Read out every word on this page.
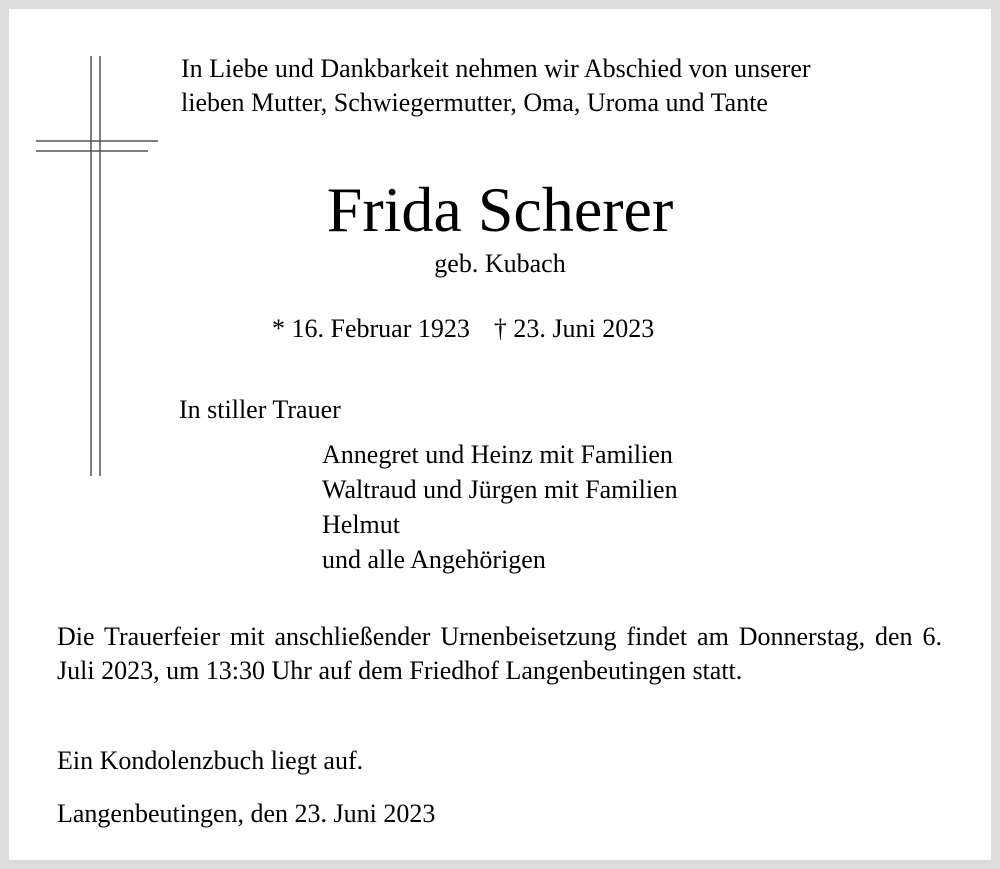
In Liebe und Dankbarkeit nehmen wir Abschied von unserer
lieben Mutter, Schwiegermutter, Oma, Uroma und Tante
Frida Scherer
geb. Kubach
* 16. Februar 1923 † 23. Juni 2023
In stiller Trauer
Annegret und Heinz mit Familien
Waltraud und Jürgen mit Familien
Helmut
und alle Angehörigen
Die Trauerfeier mit anschließender Urnenbeisetzung findet am Donnerstag, den 6. Juli 2023, um 13:30 Uhr auf dem Friedhof Langenbeutingen statt.
Ein Kondolenzbuch liegt auf.
Langenbeutingen, den 23. Juni 2023
